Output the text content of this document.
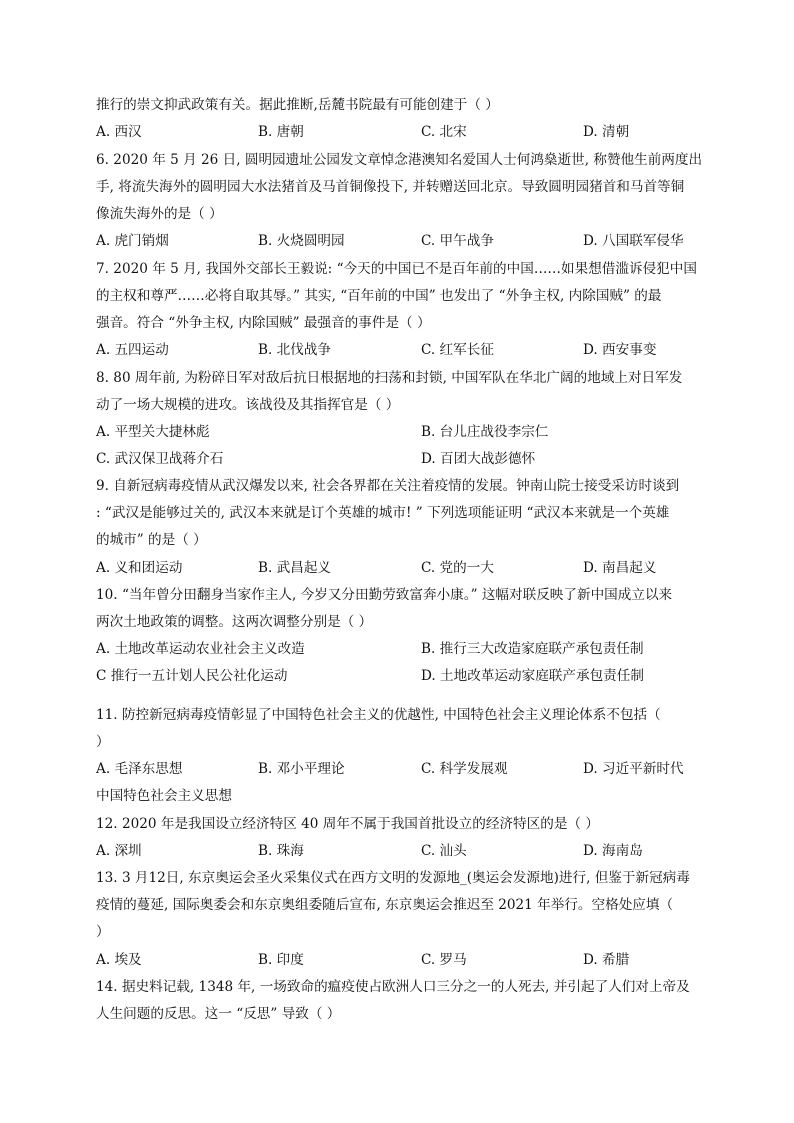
推行的崇文抑武政策有关。据此推断,岳麓书院最有可能创建于（ ）
A. 西汉	B. 唐朝	C. 北宋	D. 清朝
6. 2020 年 5 月 26 日, 圆明园遗址公园发文章悼念港澳知名爱国人士何鸿燊逝世, 称赞他生前两度出
手, 将流失海外的圆明园大水法猪首及马首铜像投下, 并转赠送回北京。导致圆明园猪首和马首等铜
像流失海外的是（ ）
A. 虎门销烟	B. 火烧圆明园	C. 甲午战争	D. 八国联军侵华
7. 2020 年 5 月, 我国外交部长王毅说: “今天的中国已不是百年前的中国……如果想借滥诉侵犯中国
的主权和尊严……必将自取其辱。” 其实, “百年前的中国” 也发出了 “外争主权, 内除国贼” 的最
强音。符合 “外争主权, 内除国贼” 最强音的事件是（ ）
A. 五四运动	B. 北伐战争	C. 红军长征	D. 西安事变
8. 80 周年前, 为粉碎日军对敌后抗日根据地的扫荡和封锁, 中国军队在华北广阔的地域上对日军发
动了一场大规模的进攻。该战役及其指挥官是（ ）
A. 平型关大捷林彪	B. 台儿庄战役李宗仁
C. 武汉保卫战蒋介石	D. 百团大战彭德怀
9. 自新冠病毒疫情从武汉爆发以来, 社会各界都在关注着疫情的发展。钟南山院士接受采访时谈到
: “武汉是能够过关的, 武汉本来就是订个英雄的城市! ” 下列选项能证明 “武汉本来就是一个英雄
的城市” 的是（ ）
A. 义和团运动	B. 武昌起义	C. 党的一大	D. 南昌起义
10. “当年曾分田翻身当家作主人, 今岁又分田勤劳致富奔小康。” 这幅对联反映了新中国成立以来
两次土地政策的调整。这两次调整分别是（ ）
A. 土地改革运动农业社会主义改造	B. 推行三大改造家庭联产承包责任制
C 推行一五计划人民公社化运动	D. 土地改革运动家庭联产承包责任制
11. 防控新冠病毒疫情彰显了中国特色社会主义的优越性, 中国特色社会主义理论体系不包括（
）
A. 毛泽东思想	B. 邓小平理论	C. 科学发展观	D. 习近平新时代
中国特色社会主义思想
12. 2020 年是我国设立经济特区 40 周年不属于我国首批设立的经济特区的是（ ）
A. 深圳	B. 珠海	C. 汕头	D. 海南岛
13. 3 月12日, 东京奥运会圣火采集仪式在西方文明的发源地_(奥运会发源地)进行, 但鉴于新冠病毒
疫情的蔓延, 国际奥委会和东京奥组委随后宣布, 东京奥运会推迟至 2021 年举行。空格处应填（
）
A. 埃及	B. 印度	C. 罗马	D. 希腊
14. 据史料记载, 1348 年, 一场致命的瘟疫使占欧洲人口三分之一的人死去, 并引起了人们对上帝及
人生问题的反思。这一 “反思” 导致（ ）
